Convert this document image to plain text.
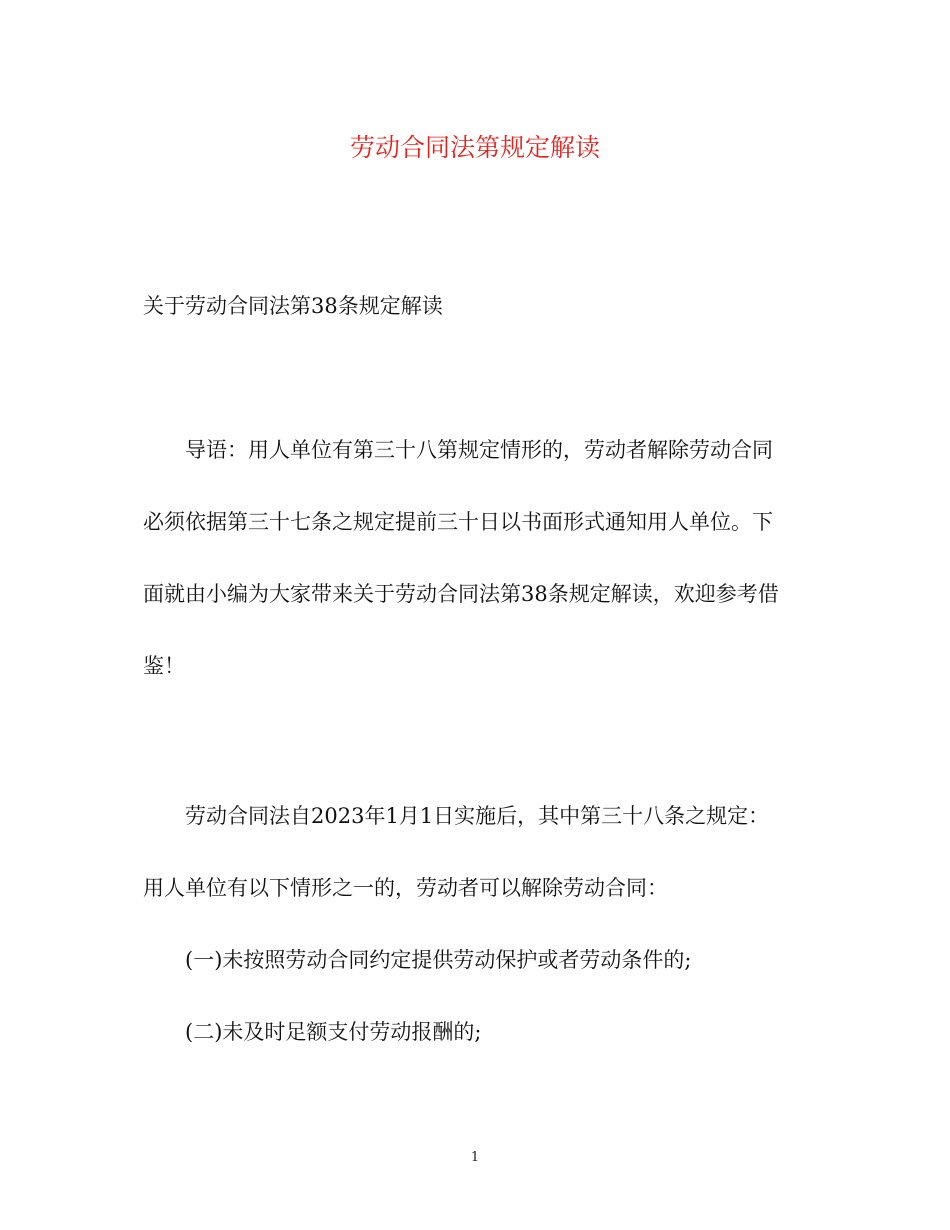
劳动合同法第规定解读

关于劳动合同法第38条规定解读

导语：用人单位有第三十八第规定情形的，劳动者解除劳动合同
必须依据第三十七条之规定提前三十日以书面形式通知用人单位。下
面就由小编为大家带来关于劳动合同法第38条规定解读，欢迎参考借
鉴！

劳动合同法自2023年1月1日实施后，其中第三十八条之规定：
用人单位有以下情形之一的，劳动者可以解除劳动合同：

(一)未按照劳动合同约定提供劳动保护或者劳动条件的;

(二)未及时足额支付劳动报酬的;

1
